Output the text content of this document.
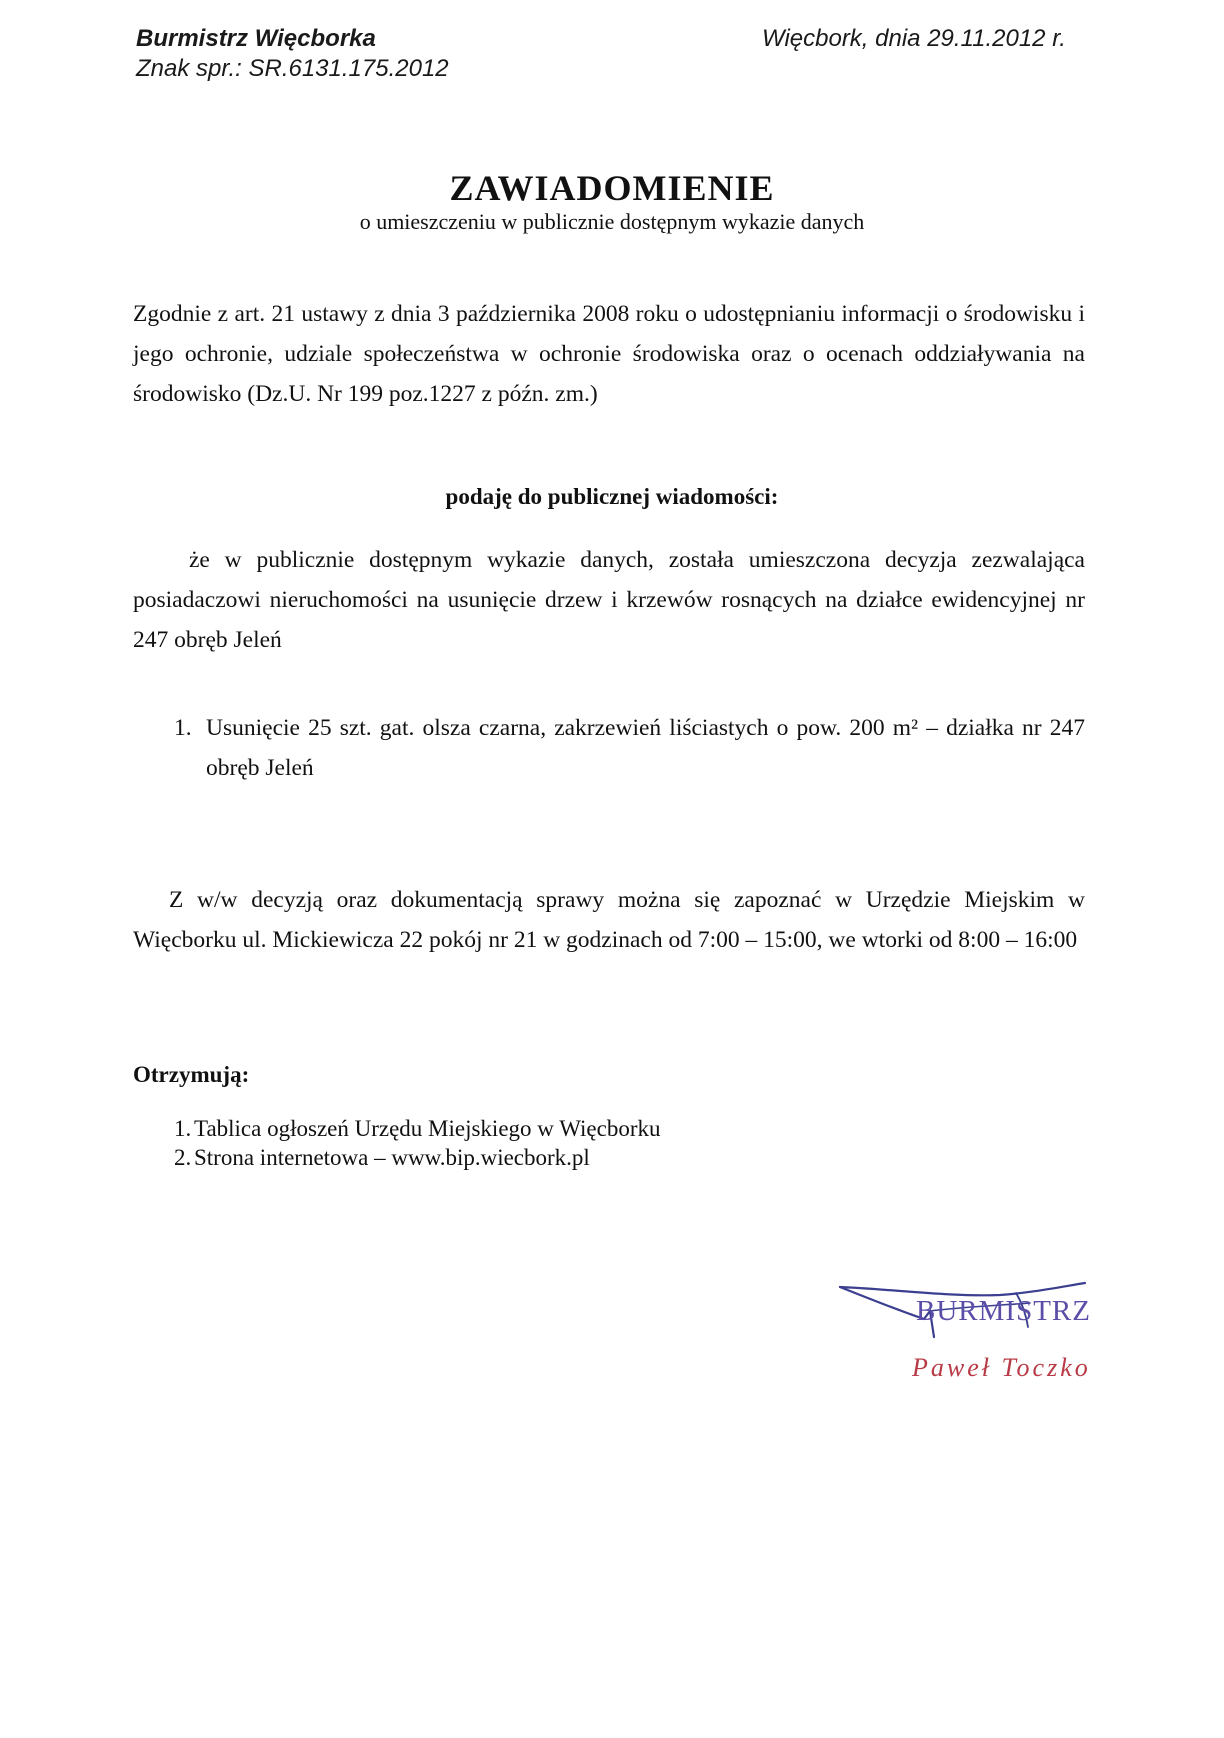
Burmistrz Więcborka
Znak spr.: SR.6131.175.2012
Więcbork, dnia 29.11.2012 r.
ZAWIADOMIENIE
o umieszczeniu w publicznie dostępnym wykazie danych
Zgodnie z art. 21 ustawy z dnia 3 października 2008 roku o udostępnianiu informacji o środowisku i jego ochronie, udziale społeczeństwa w ochronie środowiska oraz o ocenach oddziaływania na środowisko (Dz.U. Nr 199 poz.1227 z późn. zm.)
podaję do publicznej wiadomości:
że w publicznie dostępnym wykazie danych, została umieszczona decyzja zezwalająca posiadaczowi nieruchomości na usunięcie drzew i krzewów rosnących na działce ewidencyjnej nr 247 obręb Jeleń
1. Usunięcie 25 szt. gat. olsza czarna, zakrzewień liściastych o pow. 200 m² – działka nr 247 obręb Jeleń
Z w/w decyzją oraz dokumentacją sprawy można się zapoznać w Urzędzie Miejskim w Więcborku ul. Mickiewicza 22 pokój nr 21 w godzinach od 7:00 – 15:00, we wtorki od 8:00 – 16:00
Otrzymują:
1. Tablica ogłoszeń Urzędu Miejskiego w Więcborku
2. Strona internetowa – www.bip.wiecbork.pl
BURMISTRZ
Paweł Toczko
